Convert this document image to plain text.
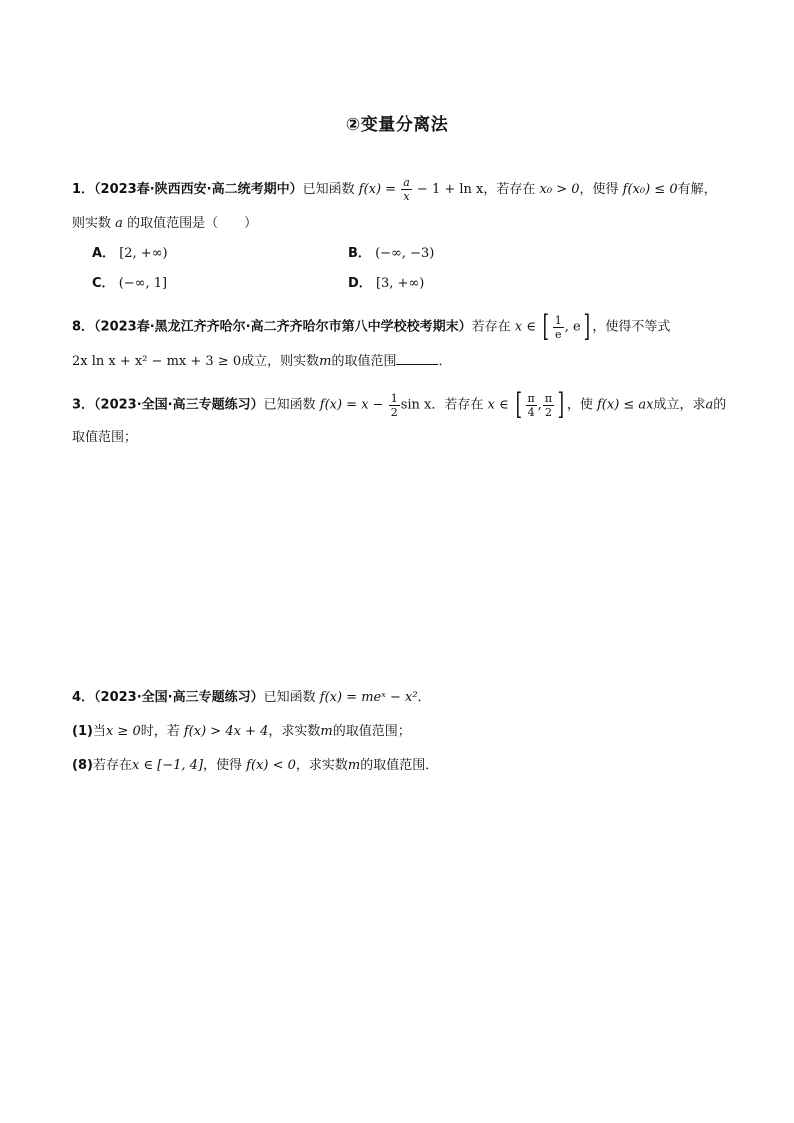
②变量分离法
1．（2023春·陕西西安·高二统考期中）已知函数 $f(x) = \frac{a}{x} - 1 + \ln x$，若存在 x₀ > 0，使得 f(x₀) ≤ 0有解，
则实数 a 的取值范围是（　　）
A． [2, +∞)	B． (−∞, −3)
C． (−∞, 1]	D． [3, +∞)
8．（2023春·黑龙江齐齐哈尔·高二齐齐哈尔市第八中学校校考期末）若存在 x ∈ [ $\frac{1}{e}$ , e] ，使得不等式
2x ln x + x² − mx + 3 ≥ 0成立，则实数m的取值范围	．
3．（2023·全国·高三专题练习）已知函数 $f(x) = x - \frac{1}{2}$ sin x．若存在 x ∈ [ $\frac{\pi}{4}$ , $\frac{\pi}{2}$ ] ，使 f(x) ≤ ax成立，求a的
取值范围；
4．（2023·全国·高三专题练习）已知函数 f(x) = meˣ − x²．
(1)当x ≥ 0时，若 f(x) > 4x + 4，求实数m的取值范围；
(8)若存在x ∈ [−1, 4]，使得 f(x) < 0，求实数m的取值范围．
